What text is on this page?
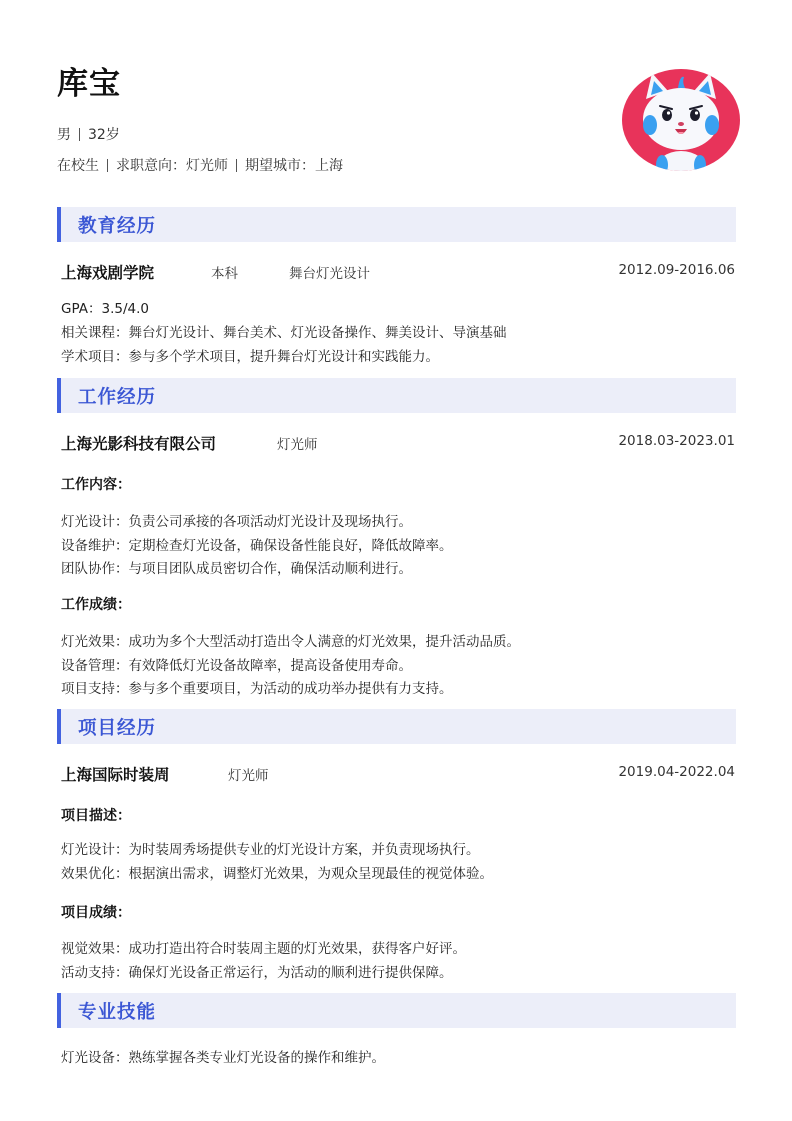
库宝
男 32岁
在校生 求职意向：灯光师 期望城市：上海
教育经历
上海戏剧学院	本科	舞台灯光设计	2012.09-2016.06
GPA：3.5/4.0
相关课程：舞台灯光设计、舞台美术、灯光设备操作、舞美设计、导演基础
学术项目：参与多个学术项目，提升舞台灯光设计和实践能力。
工作经历
上海光影科技有限公司	灯光师	2018.03-2023.01
工作内容：
灯光设计：负责公司承接的各项活动灯光设计及现场执行。
设备维护：定期检查灯光设备，确保设备性能良好，降低故障率。
团队协作：与项目团队成员密切合作，确保活动顺利进行。
工作成绩：
灯光效果：成功为多个大型活动打造出令人满意的灯光效果，提升活动品质。
设备管理：有效降低灯光设备故障率，提高设备使用寿命。
项目支持：参与多个重要项目，为活动的成功举办提供有力支持。
项目经历
上海国际时装周	灯光师	2019.04-2022.04
项目描述：
灯光设计：为时装周秀场提供专业的灯光设计方案，并负责现场执行。
效果优化：根据演出需求，调整灯光效果，为观众呈现最佳的视觉体验。
项目成绩：
视觉效果：成功打造出符合时装周主题的灯光效果，获得客户好评。
活动支持：确保灯光设备正常运行，为活动的顺利进行提供保障。
专业技能
灯光设备：熟练掌握各类专业灯光设备的操作和维护。
